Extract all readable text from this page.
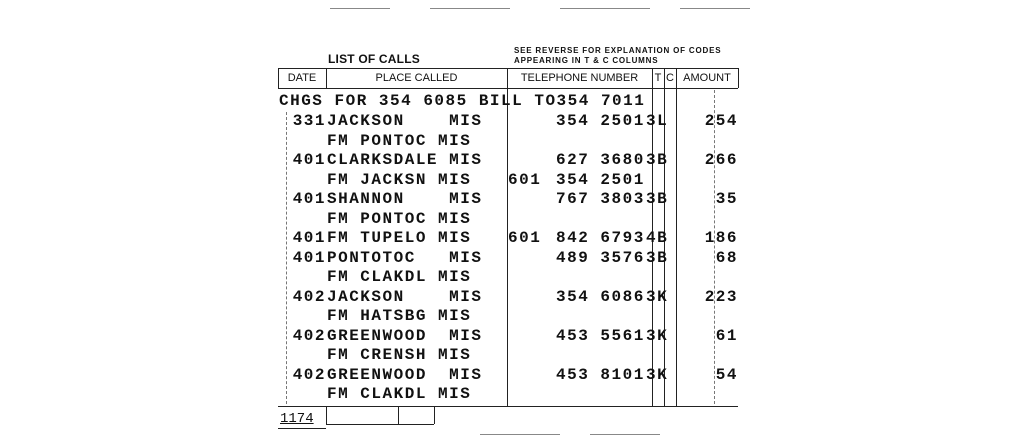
LIST OF CALLS
SEE REVERSE FOR EXPLANATION OF CODES
APPEARING IN T & C COLUMNS
DATE	PLACE CALLED	TELEPHONE NUMBER	T C AMOUNT
CHGS FOR 354 6085 BILL TO354 7011
331 JACKSON    MIS	354 2501 3L	254
FM PONTOC MIS
401 CLARKSDALE MIS	627 3680 3B	266
FM JACKSN MIS 601 354 2501
401 SHANNON    MIS	767 3803 3B	35
FM PONTOC MIS
401 FM TUPELO MIS 601 842 6793 4B	186
401 PONTOTOC   MIS	489 3576 3B	68
FM CLAKDL MIS
402 JACKSON    MIS	354 6086 3K	223
FM HATSBG MIS
402 GREENWOOD  MIS	453 5561 3K	61
FM CRENSH MIS
402 GREENWOOD  MIS	453 8101 3K	54
FM CLAKDL MIS
1174
